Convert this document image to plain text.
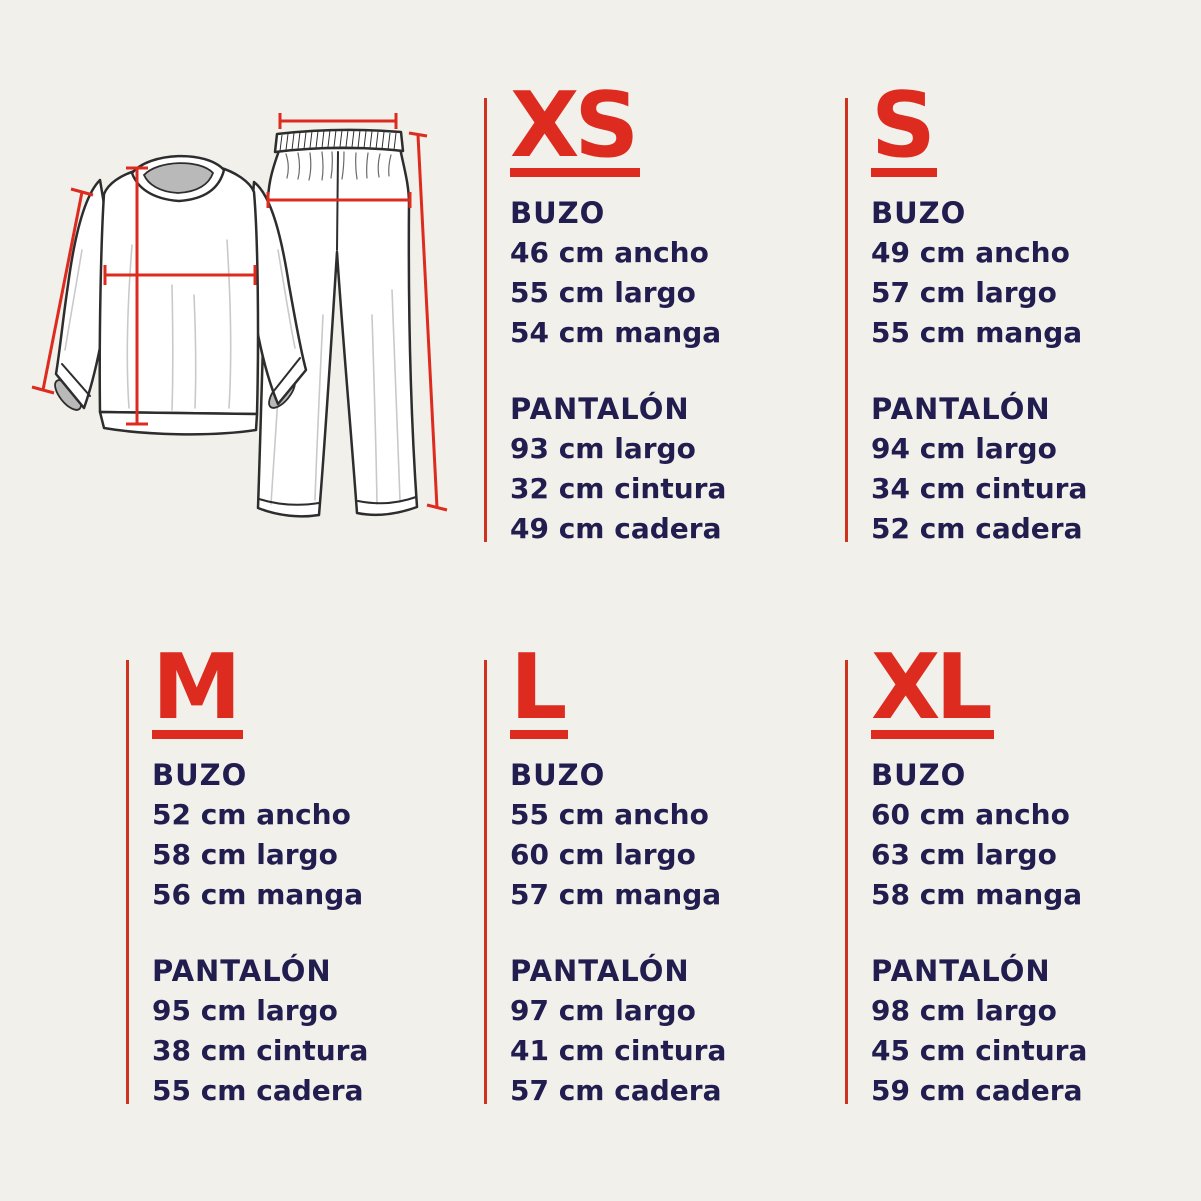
XS
BUZO

46 cm ancho

55 cm largo

54 cm manga

PANTALÓN

93 cm largo

32 cm cintura

49 cm cadera

S
BUZO

49 cm ancho

57 cm largo

55 cm manga

PANTALÓN

94 cm largo

34 cm cintura

52 cm cadera

M
BUZO

52 cm ancho

58 cm largo

56 cm manga

PANTALÓN

95 cm largo

38 cm cintura

55 cm cadera

L
BUZO

55 cm ancho

60 cm largo

57 cm manga

PANTALÓN

97 cm largo

41 cm cintura

57 cm cadera

XL
BUZO

60 cm ancho

63 cm largo

58 cm manga

PANTALÓN

98 cm largo

45 cm cintura

59 cm cadera
